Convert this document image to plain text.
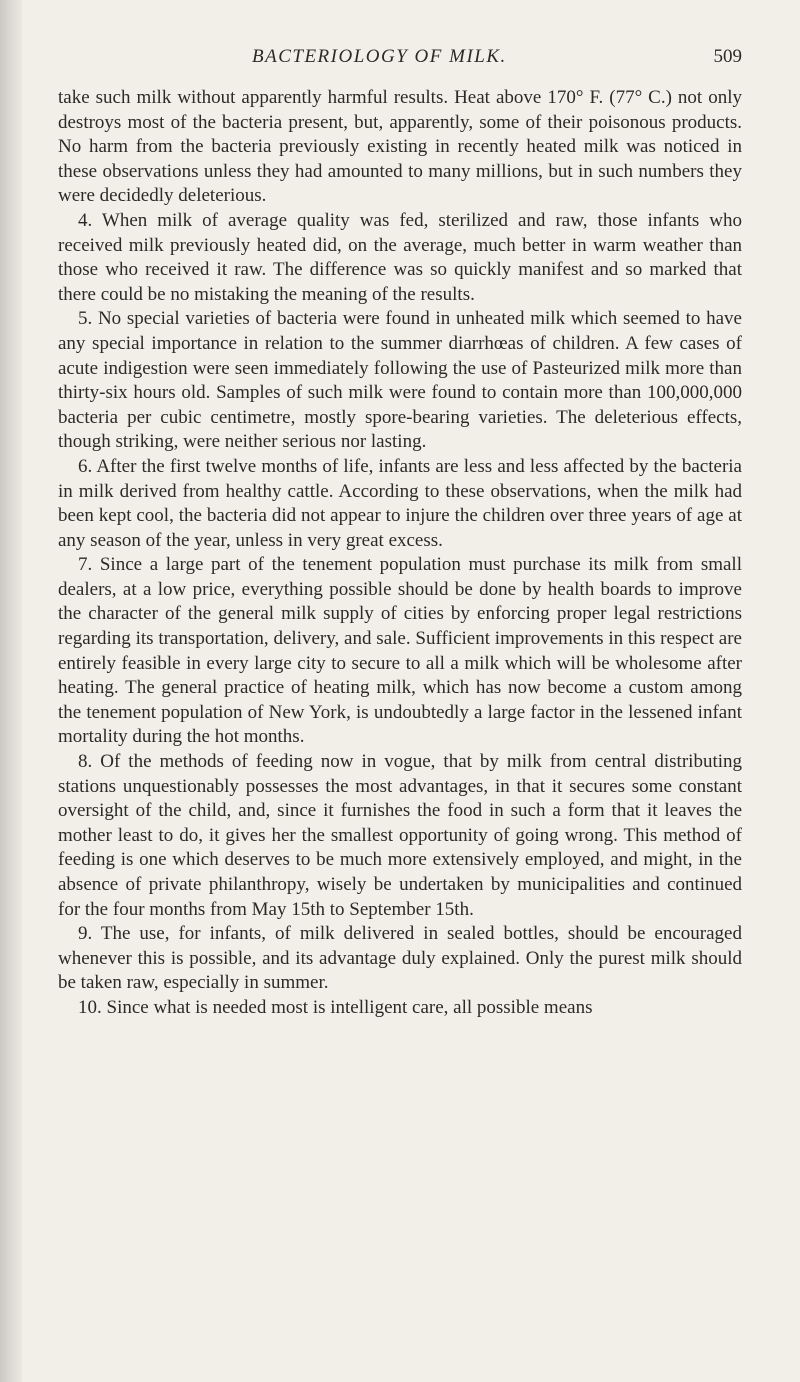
BACTERIOLOGY OF MILK.	509

take such milk without apparently harmful results. Heat above 170° F. (77° C.) not only destroys most of the bacteria present, but, apparently, some of their poisonous products. No harm from the bacteria previously existing in recently heated milk was noticed in these observations unless they had amounted to many millions, but in such numbers they were decidedly deleterious.

4. When milk of average quality was fed, sterilized and raw, those infants who received milk previously heated did, on the average, much better in warm weather than those who received it raw. The difference was so quickly manifest and so marked that there could be no mistaking the meaning of the results.

5. No special varieties of bacteria were found in unheated milk which seemed to have any special importance in relation to the summer diarrhœas of children. A few cases of acute indigestion were seen immediately following the use of Pasteurized milk more than thirty-six hours old. Samples of such milk were found to contain more than 100,000,000 bacteria per cubic centimetre, mostly spore-bearing varieties. The deleterious effects, though striking, were neither serious nor lasting.

6. After the first twelve months of life, infants are less and less affected by the bacteria in milk derived from healthy cattle. According to these observations, when the milk had been kept cool, the bacteria did not appear to injure the children over three years of age at any season of the year, unless in very great excess.

7. Since a large part of the tenement population must purchase its milk from small dealers, at a low price, everything possible should be done by health boards to improve the character of the general milk supply of cities by enforcing proper legal restrictions regarding its transportation, delivery, and sale. Sufficient improvements in this respect are entirely feasible in every large city to secure to all a milk which will be wholesome after heating. The general practice of heating milk, which has now become a custom among the tenement population of New York, is undoubtedly a large factor in the lessened infant mortality during the hot months.

8. Of the methods of feeding now in vogue, that by milk from central distributing stations unquestionably possesses the most advantages, in that it secures some constant oversight of the child, and, since it furnishes the food in such a form that it leaves the mother least to do, it gives her the smallest opportunity of going wrong. This method of feeding is one which deserves to be much more extensively employed, and might, in the absence of private philanthropy, wisely be undertaken by municipalities and continued for the four months from May 15th to September 15th.

9. The use, for infants, of milk delivered in sealed bottles, should be encouraged whenever this is possible, and its advantage duly explained. Only the purest milk should be taken raw, especially in summer.

10. Since what is needed most is intelligent care, all possible means
